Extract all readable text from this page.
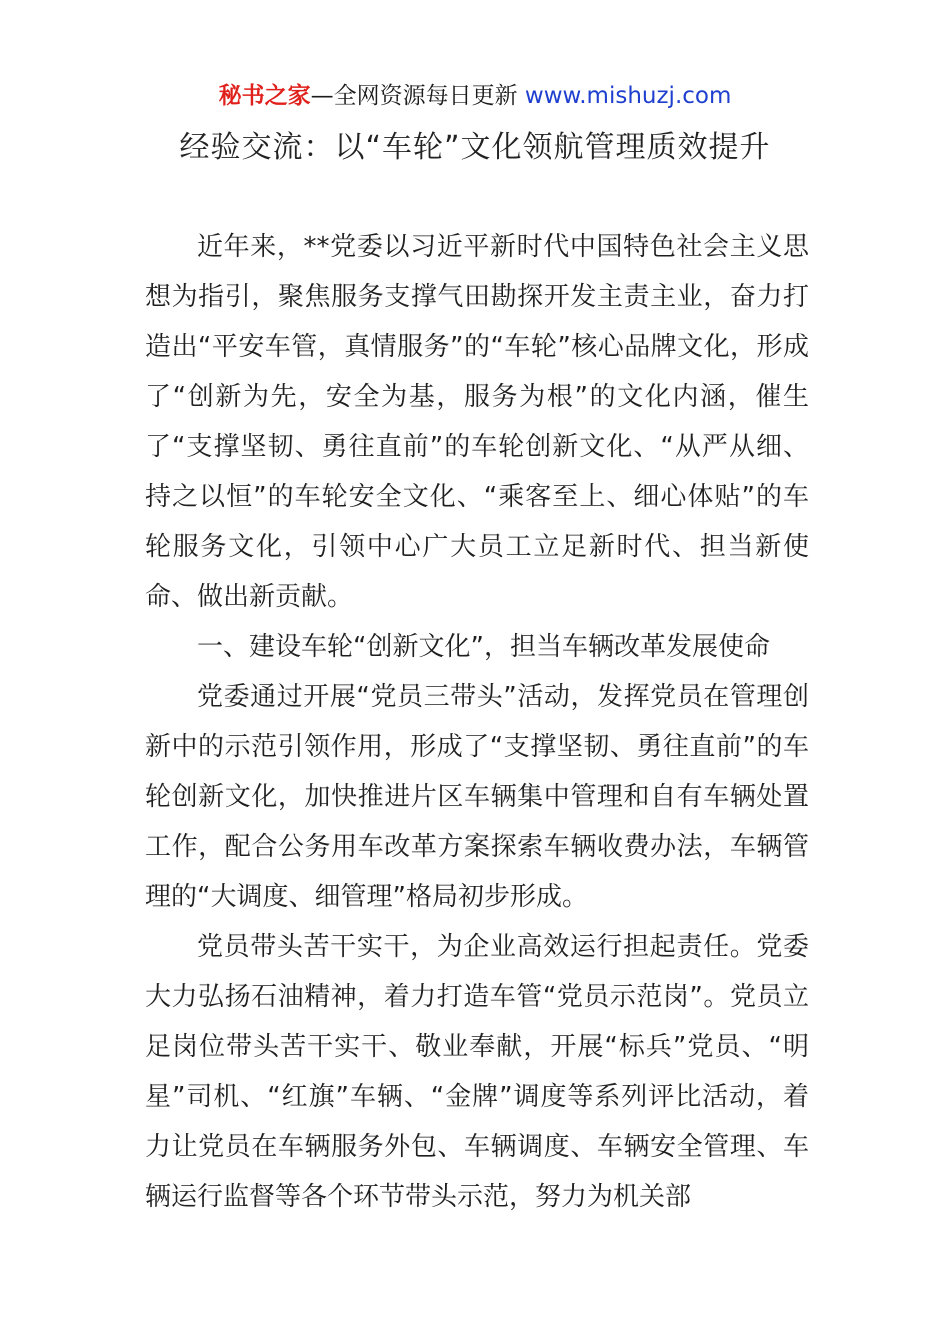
秘书之家—全网资源每日更新 www.mishuzj.com
经验交流：以“车轮”文化领航管理质效提升

近年来，**党委以习近平新时代中国特色社会主义思想为指引，聚焦服务支撑气田勘探开发主责主业，奋力打造出“平安车管，真情服务”的“车轮”核心品牌文化，形成了“创新为先，安全为基，服务为根”的文化内涵，催生了“支撑坚韧、勇往直前”的车轮创新文化、“从严从细、持之以恒”的车轮安全文化、“乘客至上、细心体贴”的车轮服务文化，引领中心广大员工立足新时代、担当新使命、做出新贡献。

一、建设车轮“创新文化”，担当车辆改革发展使命

党委通过开展“党员三带头”活动，发挥党员在管理创新中的示范引领作用，形成了“支撑坚韧、勇往直前”的车轮创新文化，加快推进片区车辆集中管理和自有车辆处置工作，配合公务用车改革方案探索车辆收费办法，车辆管理的“大调度、细管理”格局初步形成。

党员带头苦干实干，为企业高效运行担起责任。党委大力弘扬石油精神，着力打造车管“党员示范岗”。党员立足岗位带头苦干实干、敬业奉献，开展“标兵”党员、“明星”司机、“红旗”车辆、“金牌”调度等系列评比活动，着力让党员在车辆服务外包、车辆调度、车辆安全管理、车辆运行监督等各个环节带头示范，努力为机关部
